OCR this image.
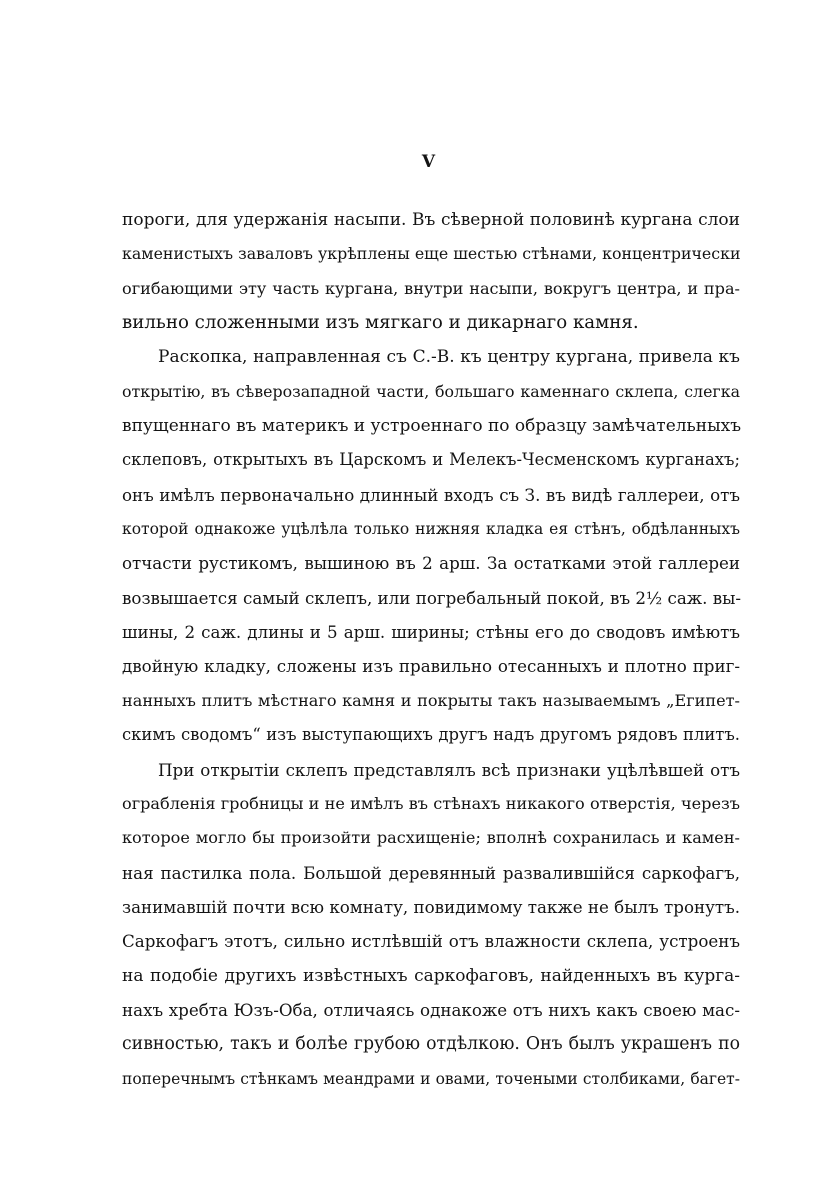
V
пороги, для удержанія насыпи. Въ сѣверной половинѣ кургана слои
каменистыхъ заваловъ укрѣплены еще шестью стѣнами, концентрически
огибающими эту часть кургана, внутри насыпи, вокругъ центра, и пра-
вильно сложенными изъ мягкаго и дикарнаго камня.
Раскопка, направленная съ С.-В. къ центру кургана, привела къ
открытію, въ сѣверозападной части, большаго каменнаго склепа, слегка
впущеннаго въ материкъ и устроеннаго по образцу замѣчательныхъ
склеповъ, открытыхъ въ Царскомъ и Мелекъ-Чесменскомъ курганахъ;
онъ имѣлъ первоначально длинный входъ съ З. въ видѣ галлереи, отъ
которой однакоже уцѣлѣла только нижняя кладка ея стѣнъ, обдѣланныхъ
отчасти рустикомъ, вышиною въ 2 арш. За остатками этой галлереи
возвышается самый склепъ, или погребальный покой, въ 2½ саж. вы-
шины, 2 саж. длины и 5 арш. ширины; стѣны его до сводовъ имѣютъ
двойную кладку, сложены изъ правильно отесанныхъ и плотно приг-
нанныхъ плитъ мѣстнаго камня и покрыты такъ называемымъ „Египет-
скимъ сводомъ“ изъ выступающихъ другъ надъ другомъ рядовъ плитъ.
При открытіи склепъ представлялъ всѣ признаки уцѣлѣвшей отъ
ограбленія гробницы и не имѣлъ въ стѣнахъ никакого отверстія, черезъ
которое могло бы произойти расхищеніе; вполнѣ сохранилась и камен-
ная пастилка пола. Большой деревянный развалившійся саркофагъ,
занимавшій почти всю комнату, повидимому также не былъ тронутъ.
Саркофагъ этотъ, сильно истлѣвшій отъ влажности склепа, устроенъ
на подобіе другихъ извѣстныхъ саркофаговъ, найденныхъ въ курга-
нахъ хребта Юзъ-Оба, отличаясь однакоже отъ нихъ какъ своею мас-
сивностью, такъ и болѣе грубою отдѣлкою. Онъ былъ украшенъ по
поперечнымъ стѣнкамъ меандрами и овами, точеными столбиками, багет-
